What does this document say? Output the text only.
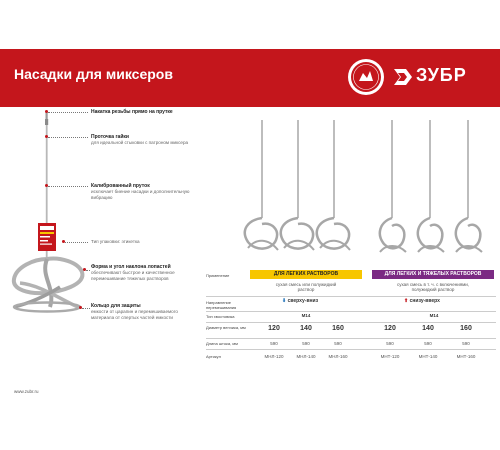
Насадки для миксеров	ЗУБР
Накатка резьбы прямо на прутке
Проточка гайки
для идеальной стыковки с патроном миксера
Калиброванный пруток
исключает биение насадки и дополнительную вибрацию
Тип упаковки: этикетка
Форма и угол наклона лопастей
обеспечивают быстрое и качественное перемешивание тяжелых растворов
Кольцо для защиты
емкости от царапин и перемешиваемого материала от спертых частей емкости
Применение	ДЛЯ ЛЕГКИХ РАСТВОРОВ	ДЛЯ ЛЕГКИХ И ТЯЖЕЛЫХ РАСТВОРОВ
сухая смесь или полужидкий раствор
сухая смесь в т. ч. с включениями, полужидкий раствор
Направление перемешивания
⬇ сверху-вниз	⬆ снизу-вверх
Тип хвостовика	М14	М14
Диаметр венчика, мм	120	140	160	120	140	160
Длина штока, мм	590	590	590	590	590	590
Артикул	МНЛ-120	МНЛ-140	МНЛ-160	МНТ-120	МНТ-140	МНТ-160
www.zubr.ru
